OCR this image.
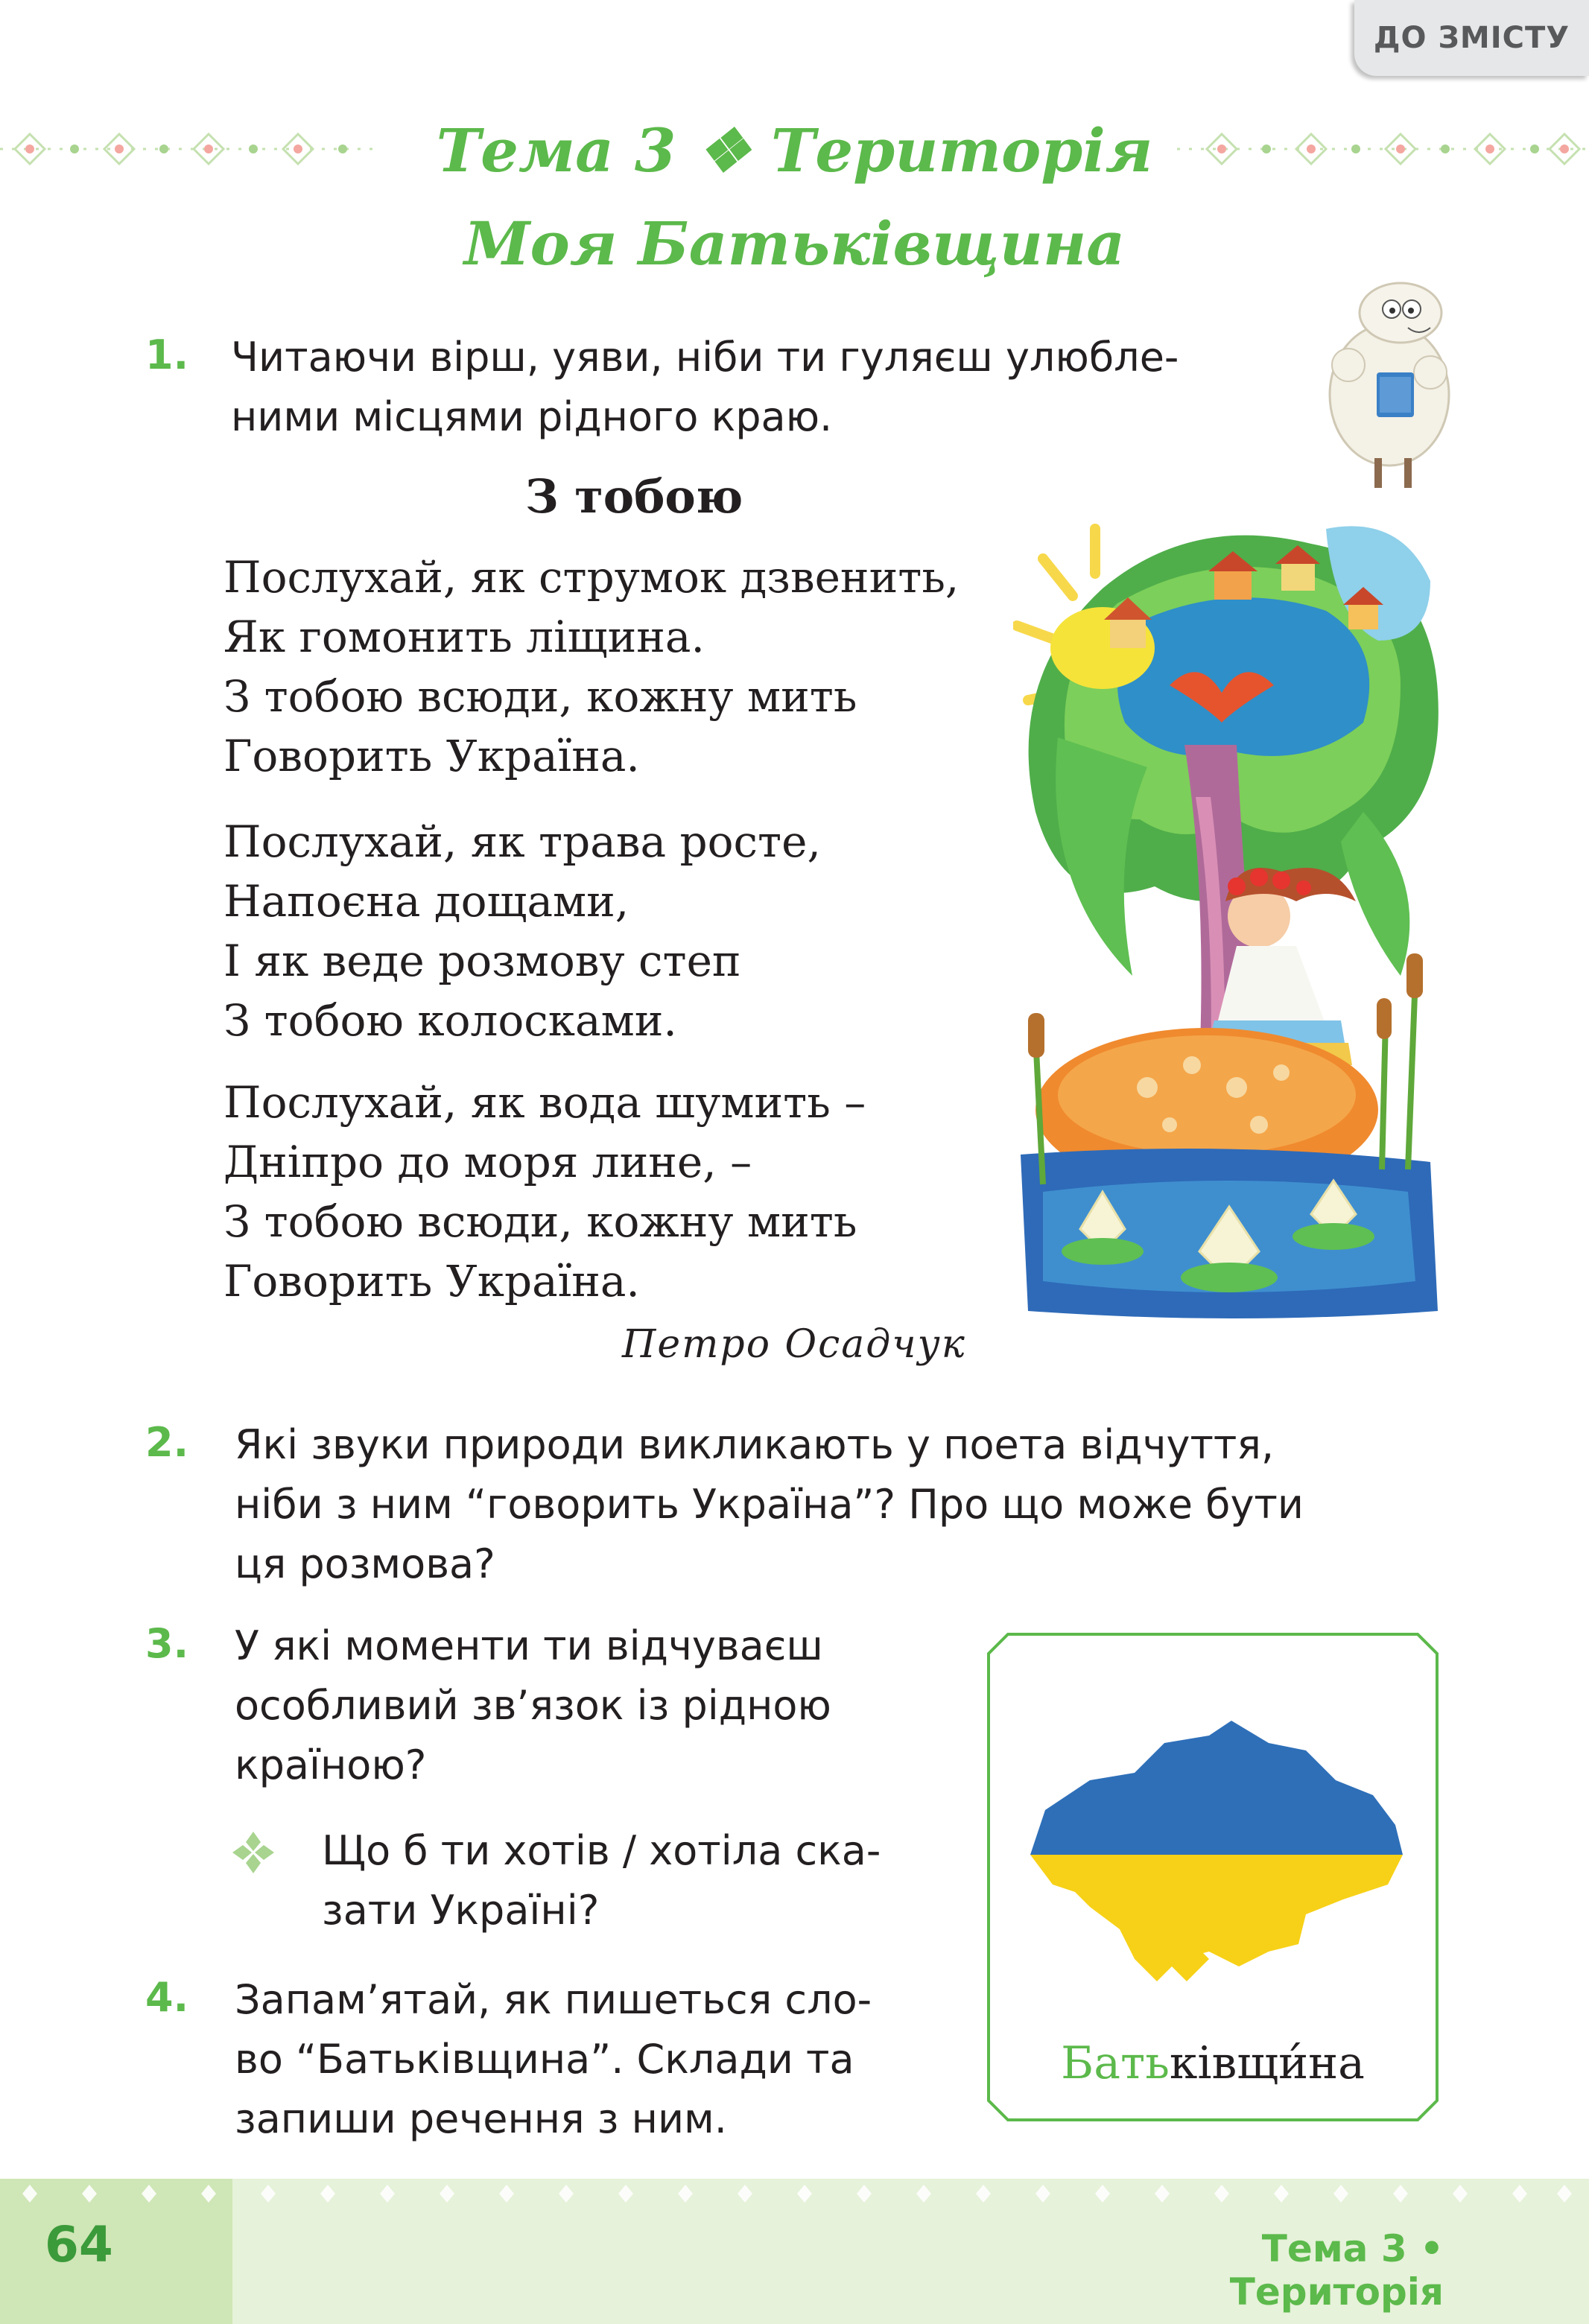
ДО ЗМІСТУ
Тема 3 ❖ Територія
Моя Батьківщина
1. Читаючи вірш, уяви, ніби ти гуляєш улюбле-
ними місцями рідного краю.
З тобою
Послухай, як струмок дзвенить,
Як гомонить ліщина.
З тобою всюди, кожну мить
Говорить Україна.
Послухай, як трава росте,
Напоєна дощами,
І як веде розмову степ
З тобою колосками.
Послухай, як вода шумить –
Дніпро до моря лине, –
З тобою всюди, кожну мить
Говорить Україна.
Петро Осадчук
2. Які звуки природи викликають у поета відчуття,
ніби з ним “говорить Україна”? Про що може бути
ця розмова?
3. У які моменти ти відчуваєш
особливий зв’язок із рідною
країною?
Що б ти хотів / хотіла ска-
зати Україні?
4. Запам’ятай, як пишеться сло-
во “Батьківщина”. Склади та
запиши речення з ним.
Батьківщи́на
64	Тема 3 • Територія
